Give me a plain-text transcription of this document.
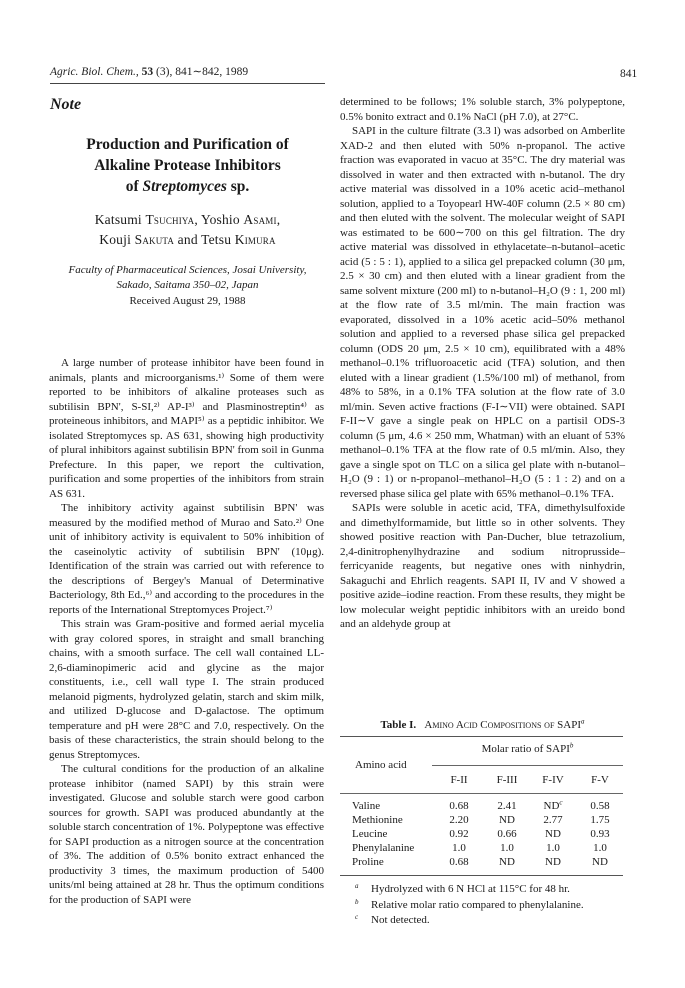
Agric. Biol. Chem., 53 (3), 841∼842, 1989	841
Note
Production and Purification of
Alkaline Protease Inhibitors
of Streptomyces sp.
Katsumi Tsuchiya, Yoshio Asami,
Kouji Sakuta and Tetsu Kimura
Faculty of Pharmaceutical Sciences, Josai University,
Sakado, Saitama 350–02, Japan
Received August 29, 1988

A large number of protease inhibitor have been found in animals, plants and microorganisms.¹⁾ Some of them were reported to be inhibitors of alkaline proteases such as subtilisin BPN', S-SI,²⁾ AP-I³⁾ and Plasminostreptin⁴⁾ as proteineous inhibitors, and MAPI⁵⁾ as a peptidic inhibitor. We isolated Streptomyces sp. AS 631, showing high productivity of plural inhibitors against subtilisin BPN' from soil in Gunma Prefecture. In this paper, we report the cultivation, purification and some properties of the inhibitors from strain AS 631.

The inhibitory activity against subtilisin BPN' was measured by the modified method of Murao and Sato.²⁾ One unit of inhibitory activity is equivalent to 50% inhibition of the caseinolytic activity of subtilisin BPN' (10μg). Identification of the strain was carried out with reference to the descriptions of Bergey's Manual of Determinative Bacteriology, 8th Ed.,⁶⁾ and according to the procedures in the reports of the International Streptomyces Project.⁷⁾

This strain was Gram-positive and formed aerial mycelia with gray colored spores, in straight and small branching chains, with a smooth surface. The cell wall contained LL-2,6-diaminopimeric acid and glycine as the major constituents, i.e., cell wall type I. The strain produced melanoid pigments, hydrolyzed gelatin, starch and skim milk, and utilized D-glucose and D-galactose. The optimum temperature and pH were 28°C and 7.0, respectively. On the basis of these characteristics, the strain should belong to the genus Streptomyces.

The cultural conditions for the production of an alkaline protease inhibitor (named SAPI) by this strain were investigated. Glucose and soluble starch were good carbon sources for growth. SAPI was produced abundantly at the soluble starch concentration of 1%. Polypeptone was effective for SAPI production as a nitrogen source at the concentration of 3%. The addition of 0.5% bonito extract enhanced the productivity 3 times, the maximum production of 5400 units/ml being attained at 28 hr. Thus the optimum conditions for the production of SAPI were

determined to be follows; 1% soluble starch, 3% polypeptone, 0.5% bonito extract and 0.1% NaCl (pH 7.0), at 27°C.

SAPI in the culture filtrate (3.3 l) was adsorbed on Amberlite XAD-2 and then eluted with 50% n-propanol. The active fraction was evaporated in vacuo at 35°C. The dry material was dissolved in water and then extracted with n-butanol. The dry active material was dissolved in a 10% acetic acid–methanol solution, applied to a Toyopearl HW-40F column (2.5 × 80 cm) and then eluted with the solvent. The molecular weight of SAPI was estimated to be 600∼700 on this gel filtration. The dry active material was dissolved in ethylacetate–n-butanol–acetic acid (5 : 5 : 1), applied to a silica gel prepacked column (30 μm, 2.5 × 30 cm) and then eluted with a linear gradient from the same solvent mixture (200 ml) to n-butanol–H₂O (9 : 1, 200 ml) at the flow rate of 3.5 ml/min. The main fraction was evaporated, dissolved in a 10% acetic acid–50% methanol solution and applied to a reversed phase silica gel prepacked column (ODS 20 μm, 2.5 × 10 cm), equilibrated with a 48% methanol–0.1% trifluoroacetic acid (TFA) solution, and then eluted with a linear gradient (1.5%/100 ml) of methanol, from 48% to 58%, in a 0.1% TFA solution at the flow rate of 3.0 ml/min. Seven active fractions (F-I∼VII) were obtained. SAPI F-II∼V gave a single peak on HPLC on a partisil ODS-3 column (5 μm, 4.6 × 250 mm, Whatman) with an eluant of 53% methanol–0.1% TFA at the flow rate of 0.5 ml/min. Also, they gave a single spot on TLC on a silica gel plate with n-butanol–H₂O (9 : 1) or n-propanol–methanol–H₂O (5 : 1 : 2) and on a reversed phase silica gel plate with 65% methanol–0.1% TFA.

SAPIs were soluble in acetic acid, TFA, dimethylsulfoxide and dimethylformamide, but little so in other solvents. They showed positive reaction with Pan-Ducher, blue tetrazolium, 2,4-dinitrophenylhydrazine and sodium nitroprusside–ferricyanide reagents, but negative ones with ninhydrin, Sakaguchi and Ehrlich reagents. SAPI II, IV and V showed a positive azide–iodine reaction. From these results, they might be low molecular weight peptidic inhibitors with an ureido bond and an aldehyde group at

Table I. Amino Acid Compositions of SAPI$^a$
Molar ratio of SAPI$^b$
Amino acid
F-II	F-III	F-IV	F-V
Valine	0.68	2.41	$ND^c$	0.58
Methionine	2.20	ND	2.77	1.75
Leucine	0.92	0.66	ND	0.93
Phenylalanine	1.0	1.0	1.0	1.0
Proline	0.68	ND	ND	ND
a Hydrolyzed with 6 N HCl at 115°C for 48 hr.
b Relative molar ratio compared to phenylalanine.
c Not detected.
